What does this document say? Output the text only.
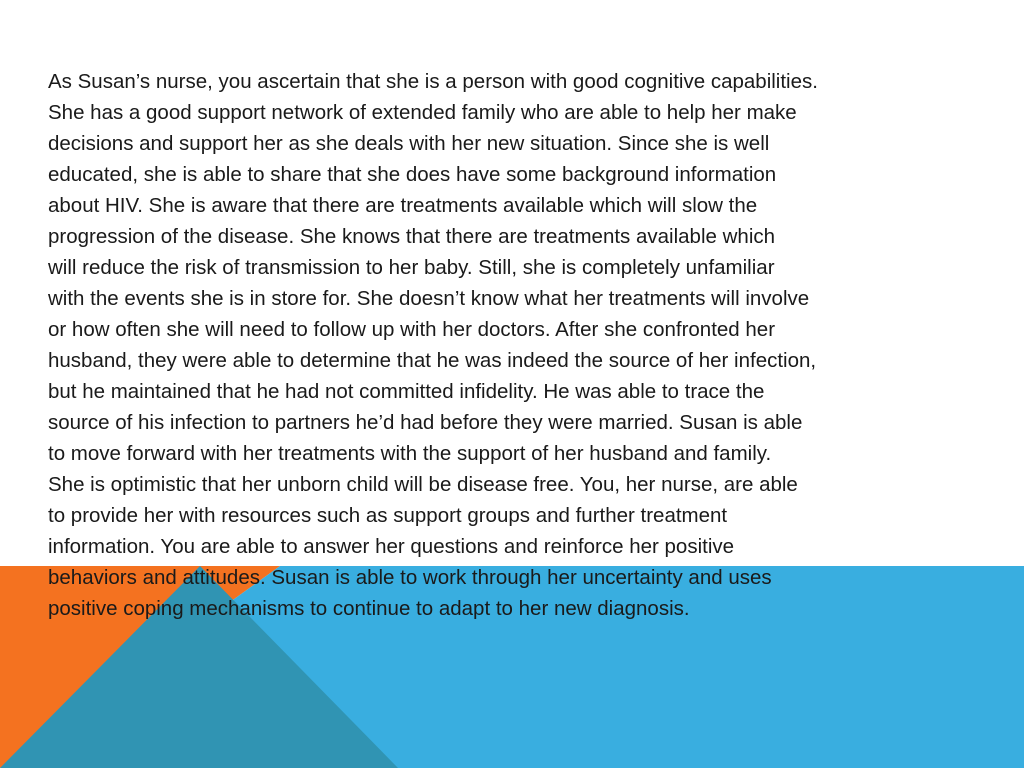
As Susan’s nurse, you ascertain that she is a person with good cognitive capabilities.
She has a good support network of extended family who are able to help her make
decisions and support her as she deals with her new situation. Since she is well
educated, she is able to share that she does have some background information
about HIV. She is aware that there are treatments available which will slow the
progression of the disease. She knows that there are treatments available which
will reduce the risk of transmission to her baby. Still, she is completely unfamiliar
with the events she is in store for. She doesn’t know what her treatments will involve
or how often she will need to follow up with her doctors. After she confronted her
husband, they were able to determine that he was indeed the source of her infection,
but he maintained that he had not committed infidelity. He was able to trace the
source of his infection to partners he’d had before they were married. Susan is able
to move forward with her treatments with the support of her husband and family.
She is optimistic that her unborn child will be disease free. You, her nurse, are able
to provide her with resources such as support groups and further treatment
information. You are able to answer her questions and reinforce her positive
behaviors and attitudes. Susan is able to work through her uncertainty and uses
positive coping mechanisms to continue to adapt to her new diagnosis.
